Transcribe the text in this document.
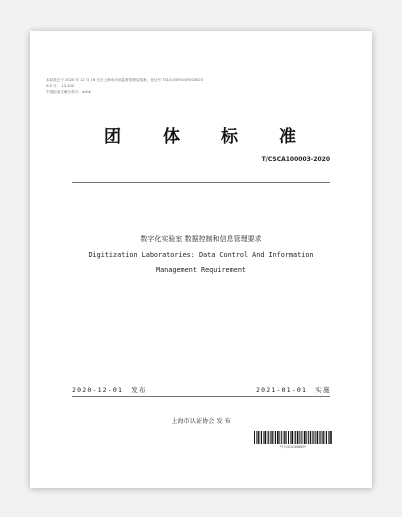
本标准已于 2020 年 12 月 16 日在上海市市场监督管理局备案，登记号 T310100Y003F003020
ICS 号： 13.100
中国标准文献分类号：###
团 体 标 准
T/CSCA100003-2020
数字化实验室 数据控制和信息管理要求
Digitization Laboratories: Data Control And Information
Management Requirement
2020-12-01 发布	2021-01-01 实施
上海市认证协会 发 布
*T/CSCA100003*
